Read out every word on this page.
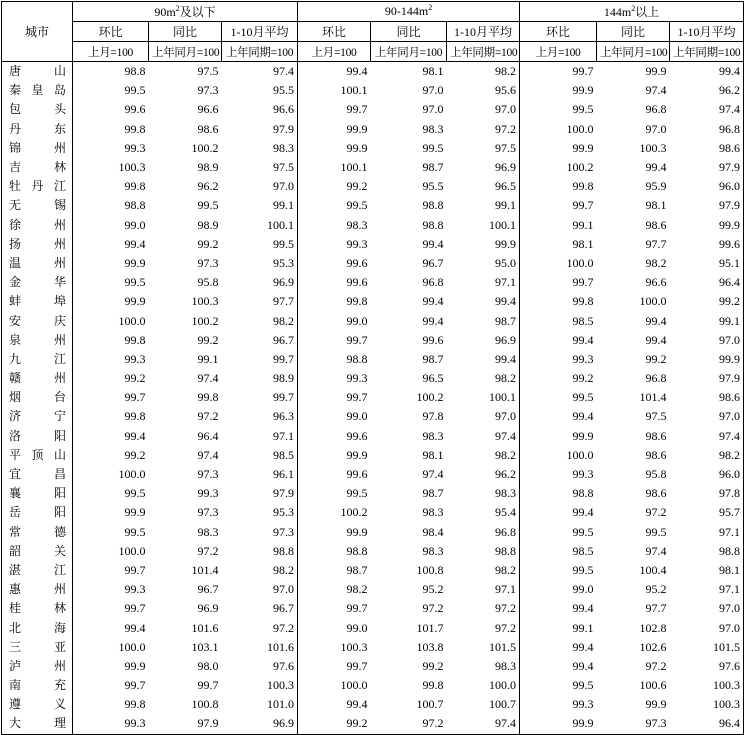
城市	$90m^2$及以下			$90-144m^2$			$144m^2$以上		
	环比	同比	1-10月平均	环比	同比	1-10月平均	环比	同比	1-10月平均
	上月=100	上年同月=100	上年同期=100	上月=100	上年同月=100	上年同期=100	上月=100	上年同月=100	上年同期=100
唐山	98.8	97.5	97.4	99.4	98.1	98.2	99.7	99.9	99.4
秦皇岛	99.5	97.3	95.5	100.1	97.0	95.6	99.9	97.4	96.2
包头	99.6	96.6	96.6	99.7	97.0	97.0	99.5	96.8	97.4
丹东	99.8	98.6	97.9	99.9	98.3	97.2	100.0	97.0	96.8
锦州	99.3	100.2	98.3	99.9	99.5	97.5	99.9	100.3	98.6
吉林	100.3	98.9	97.5	100.1	98.7	96.9	100.2	99.4	97.9
牡丹江	99.8	96.2	97.0	99.2	95.5	96.5	99.8	95.9	96.0
无锡	98.8	99.5	99.1	99.5	98.8	99.1	99.7	98.1	97.9
徐州	99.0	98.9	100.1	98.3	98.8	100.1	99.1	98.6	99.9
扬州	99.4	99.2	99.5	99.3	99.4	99.9	98.1	97.7	99.6
温州	99.9	97.3	95.3	99.6	96.7	95.0	100.0	98.2	95.1
金华	99.5	95.8	96.9	99.6	96.8	97.1	99.7	96.6	96.4
蚌埠	99.9	100.3	97.7	99.8	99.4	99.4	99.8	100.0	99.2
安庆	100.0	100.2	98.2	99.0	99.4	98.7	98.5	99.4	99.1
泉州	99.8	99.2	96.7	99.7	99.6	96.9	99.4	99.4	97.0
九江	99.3	99.1	99.7	98.8	98.7	99.4	99.3	99.2	99.9
赣州	99.2	97.4	98.9	99.3	96.5	98.2	99.2	96.8	97.9
烟台	99.7	99.8	99.7	99.7	100.2	100.1	99.5	101.4	98.6
济宁	99.8	97.2	96.3	99.0	97.8	97.0	99.4	97.5	97.0
洛阳	99.4	96.4	97.1	99.6	98.3	97.4	99.9	98.6	97.4
平顶山	99.2	97.4	98.5	99.9	98.1	98.2	100.0	98.6	98.2
宜昌	100.0	97.3	96.1	99.6	97.4	96.2	99.3	95.8	96.0
襄阳	99.5	99.3	97.9	99.5	98.7	98.3	98.8	98.6	97.8
岳阳	99.9	97.3	95.3	100.2	98.3	95.4	99.4	97.2	95.7
常德	99.5	98.3	97.3	99.9	98.4	96.8	99.5	99.5	97.1
韶关	100.0	97.2	98.8	98.8	98.3	98.8	98.5	97.4	98.8
湛江	99.7	101.4	98.2	98.7	100.8	98.2	99.5	100.4	98.1
惠州	99.3	96.7	97.0	98.2	95.2	97.1	99.0	95.2	97.1
桂林	99.7	96.9	96.7	99.7	97.2	97.2	99.4	97.7	97.0
北海	99.4	101.6	97.2	99.0	101.7	97.2	99.1	102.8	97.0
三亚	100.0	103.1	101.6	100.3	103.8	101.5	99.4	102.6	101.5
泸州	99.9	98.0	97.6	99.7	99.2	98.3	99.4	97.2	97.6
南充	99.7	99.7	100.3	100.0	99.8	100.0	99.5	100.6	100.3
遵义	99.8	100.8	101.0	99.4	100.7	100.7	99.3	99.9	100.3
大理	99.3	97.9	96.9	99.2	97.2	97.4	99.9	97.3	96.4
